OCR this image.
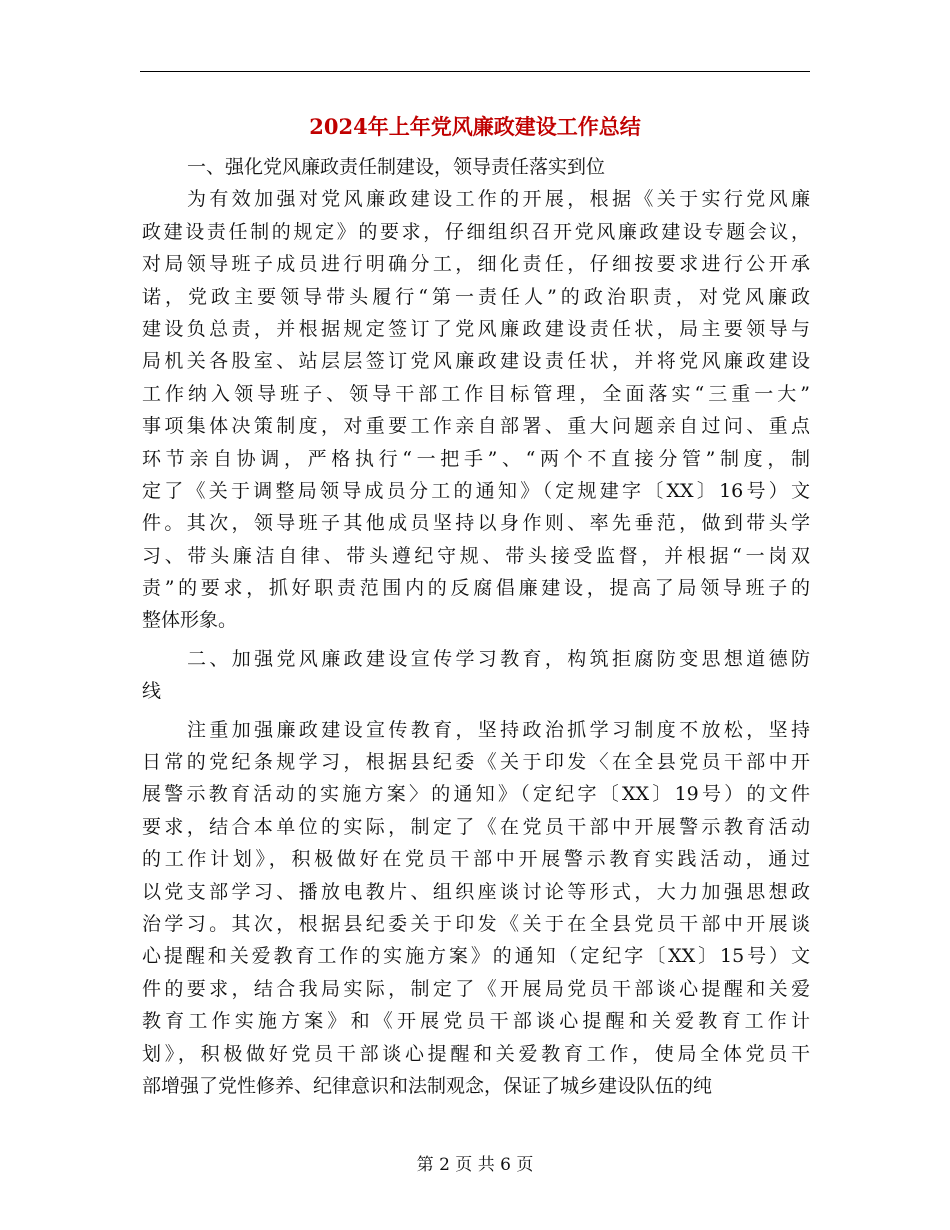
2024年上年党风廉政建设工作总结
一、强化党风廉政责任制建设，领导责任落实到位
为有效加强对党风廉政建设工作的开展，根据《关于实行党风廉
政建设责任制的规定》的要求，仔细组织召开党风廉政建设专题会议，
对局领导班子成员进行明确分工，细化责任，仔细按要求进行公开承
诺，党政主要领导带头履行“第一责任人”的政治职责，对党风廉政
建设负总责，并根据规定签订了党风廉政建设责任状，局主要领导与
局机关各股室、站层层签订党风廉政建设责任状，并将党风廉政建设
工作纳入领导班子、领导干部工作目标管理，全面落实“三重一大”
事项集体决策制度，对重要工作亲自部署、重大问题亲自过问、重点
环节亲自协调，严格执行“一把手”、“两个不直接分管”制度，制
定了《关于调整局领导成员分工的通知》（定规建字〔XX〕16号）文
件。其次，领导班子其他成员坚持以身作则、率先垂范，做到带头学
习、带头廉洁自律、带头遵纪守规、带头接受监督，并根据“一岗双
责”的要求，抓好职责范围内的反腐倡廉建设，提高了局领导班子的
整体形象。
二、加强党风廉政建设宣传学习教育，构筑拒腐防变思想道德防
线
注重加强廉政建设宣传教育，坚持政治抓学习制度不放松，坚持
日常的党纪条规学习，根据县纪委《关于印发〈在全县党员干部中开
展警示教育活动的实施方案〉的通知》（定纪字〔XX〕19号）的文件
要求，结合本单位的实际，制定了《在党员干部中开展警示教育活动
的工作计划》，积极做好在党员干部中开展警示教育实践活动，通过
以党支部学习、播放电教片、组织座谈讨论等形式，大力加强思想政
治学习。其次，根据县纪委关于印发《关于在全县党员干部中开展谈
心提醒和关爱教育工作的实施方案》的通知（定纪字〔XX〕15号）文
件的要求，结合我局实际，制定了《开展局党员干部谈心提醒和关爱
教育工作实施方案》和《开展党员干部谈心提醒和关爱教育工作计
划》，积极做好党员干部谈心提醒和关爱教育工作，使局全体党员干
部增强了党性修养、纪律意识和法制观念，保证了城乡建设队伍的纯
第 2 页 共 6 页
